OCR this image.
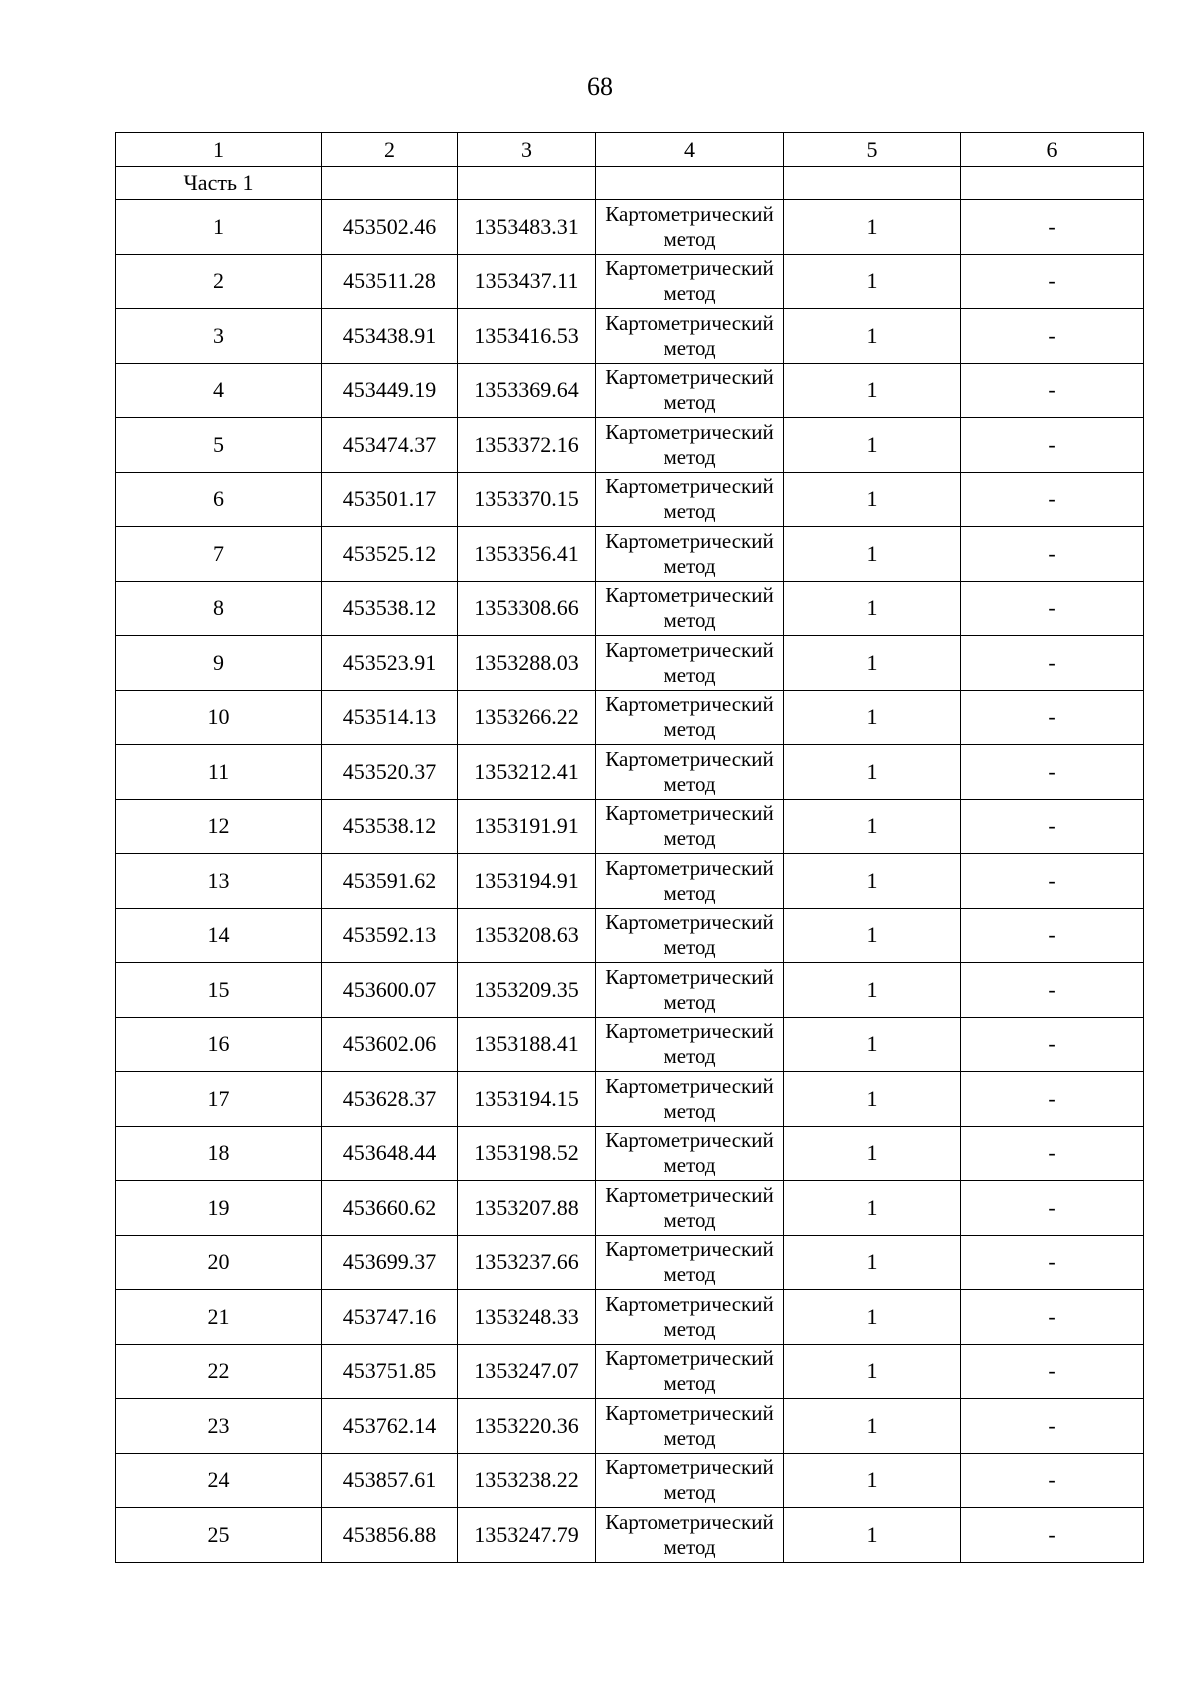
68
1	2	3	4	5	6
Часть 1					
1	453502.46	1353483.31	Картометрический метод	1	-
2	453511.28	1353437.11	Картометрический метод	1	-
3	453438.91	1353416.53	Картометрический метод	1	-
4	453449.19	1353369.64	Картометрический метод	1	-
5	453474.37	1353372.16	Картометрический метод	1	-
6	453501.17	1353370.15	Картометрический метод	1	-
7	453525.12	1353356.41	Картометрический метод	1	-
8	453538.12	1353308.66	Картометрический метод	1	-
9	453523.91	1353288.03	Картометрический метод	1	-
10	453514.13	1353266.22	Картометрический метод	1	-
11	453520.37	1353212.41	Картометрический метод	1	-
12	453538.12	1353191.91	Картометрический метод	1	-
13	453591.62	1353194.91	Картометрический метод	1	-
14	453592.13	1353208.63	Картометрический метод	1	-
15	453600.07	1353209.35	Картометрический метод	1	-
16	453602.06	1353188.41	Картометрический метод	1	-
17	453628.37	1353194.15	Картометрический метод	1	-
18	453648.44	1353198.52	Картометрический метод	1	-
19	453660.62	1353207.88	Картометрический метод	1	-
20	453699.37	1353237.66	Картометрический метод	1	-
21	453747.16	1353248.33	Картометрический метод	1	-
22	453751.85	1353247.07	Картометрический метод	1	-
23	453762.14	1353220.36	Картометрический метод	1	-
24	453857.61	1353238.22	Картометрический метод	1	-
25	453856.88	1353247.79	Картометрический метод	1	-
